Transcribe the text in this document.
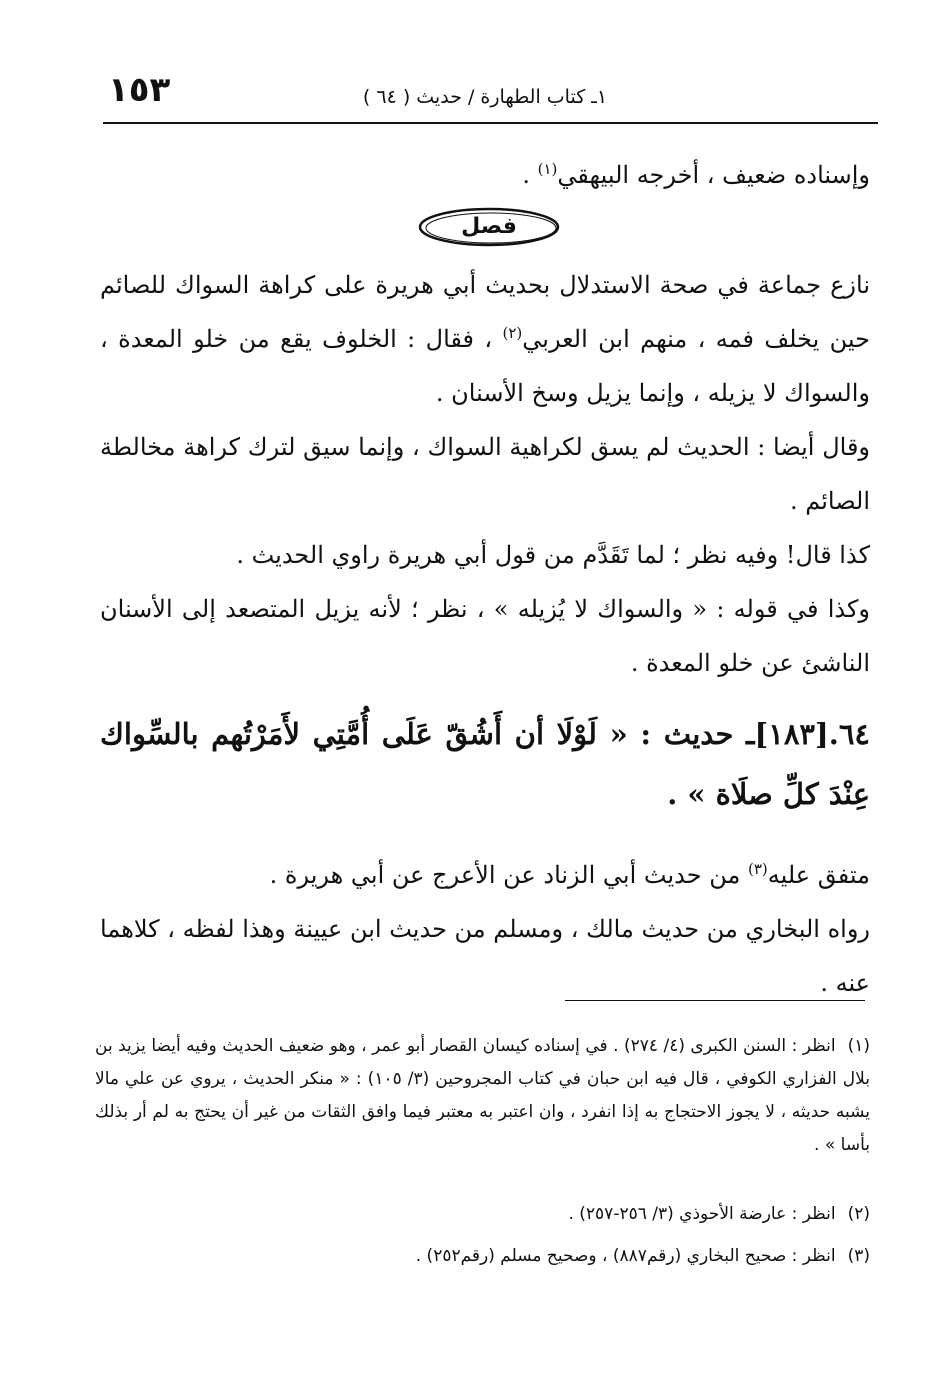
١٥٣	١ـ كتاب الطهارة / حديث ( ٦٤ )

وإسناده ضعيف ، أخرجه البيهقي$^{(١)}$ .

فصل

نازع جماعة في صحة الاستدلال بحديث أبي هريرة على كراهة السواك للصائم حين يخلف فمه ، منهم ابن العربي$^{(٢)}$ ، فقال : الخلوف يقع من خلو المعدة ، والسواك لا يزيله ، وإنما يزيل وسخ الأسنان .

وقال أيضا : الحديث لم يسق لكراهية السواك ، وإنما سيق لترك كراهة مخالطة الصائم .

كذا قال! وفيه نظر ؛ لما تَقَدَّم من قول أبي هريرة راوي الحديث .

وكذا في قوله : « والسواك لا يُزيله » ، نظر ؛ لأنه يزيل المتصعد إلى الأسنان الناشئ عن خلو المعدة .

٦٤.[١٨٣]ـ حديث : « لَوْلَا أن أَشُقّ عَلَى أُمَّتِي لأَمَرْتُهم بالسِّواك عِنْدَ كلِّ صلَاة » .

متفق عليه$^{(٣)}$ من حديث أبي الزناد عن الأعرج عن أبي هريرة .

رواه البخاري من حديث مالك ، ومسلم من حديث ابن عيينة وهذا لفظه ، كلاهما عنه .

(١)انظر : السنن الكبرى (٤/ ٢٧٤) . في إسناده كيسان القصار أبو عمر ، وهو ضعيف الحديث وفيه أيضا يزيد بن بلال الفزاري الكوفي ، قال فيه ابن حبان في كتاب المجروحين (٣/ ١٠٥) : « منكر الحديث ، يروي عن علي مالا يشبه حديثه ، لا يجوز الاحتجاج به إذا انفرد ، وان اعتبر به معتبر فيما وافق الثقات من غير أن يحتج به لم أر بذلك بأسا » .

(٢)انظر : عارضة الأحوذي (٣/ ٢٥٦-٢٥٧) .

(٣)انظر : صحيح البخاري (رقم٨٨٧) ، وصحيح مسلم (رقم٢٥٢) .
